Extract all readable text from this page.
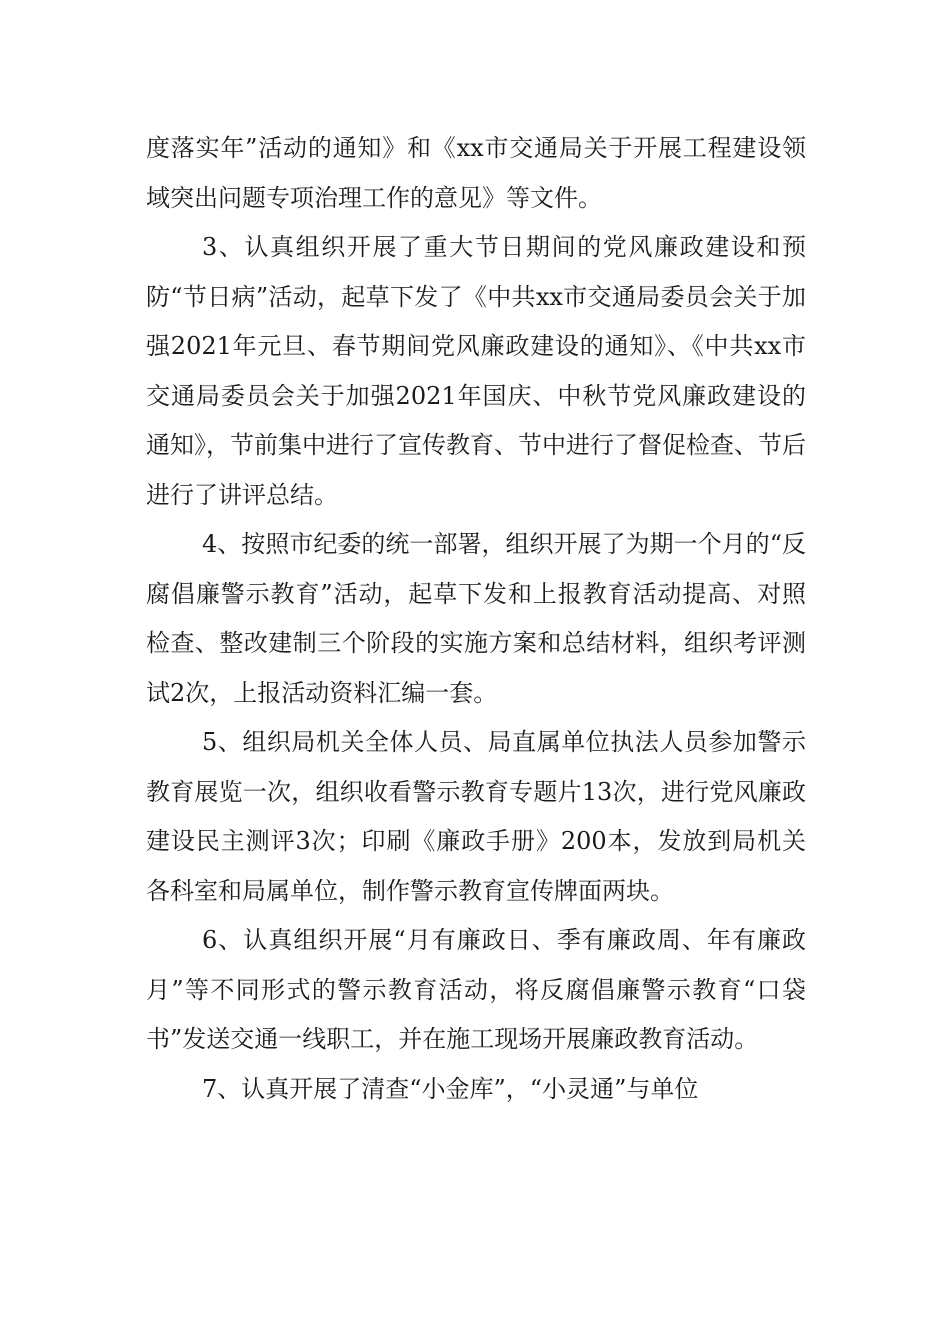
度落实年”活动的通知》和《xx市交通局关于开展工程建设领域突出问题专项治理工作的意见》等文件。

3、认真组织开展了重大节日期间的党风廉政建设和预防“节日病”活动，起草下发了《中共xx市交通局委员会关于加强2021年元旦、春节期间党风廉政建设的通知》、《中共xx市交通局委员会关于加强2021年国庆、中秋节党风廉政建设的通知》，节前集中进行了宣传教育、节中进行了督促检查、节后进行了讲评总结。

4、按照市纪委的统一部署，组织开展了为期一个月的“反腐倡廉警示教育”活动，起草下发和上报教育活动提高、对照检查、整改建制三个阶段的实施方案和总结材料，组织考评测试2次，上报活动资料汇编一套。

5、组织局机关全体人员、局直属单位执法人员参加警示教育展览一次，组织收看警示教育专题片13次，进行党风廉政建设民主测评3次；印刷《廉政手册》200本，发放到局机关各科室和局属单位，制作警示教育宣传牌面两块。

6、认真组织开展“月有廉政日、季有廉政周、年有廉政月”等不同形式的警示教育活动，将反腐倡廉警示教育“口袋书”发送交通一线职工，并在施工现场开展廉政教育活动。

7、认真开展了清查“小金库”，“小灵通”与单位
